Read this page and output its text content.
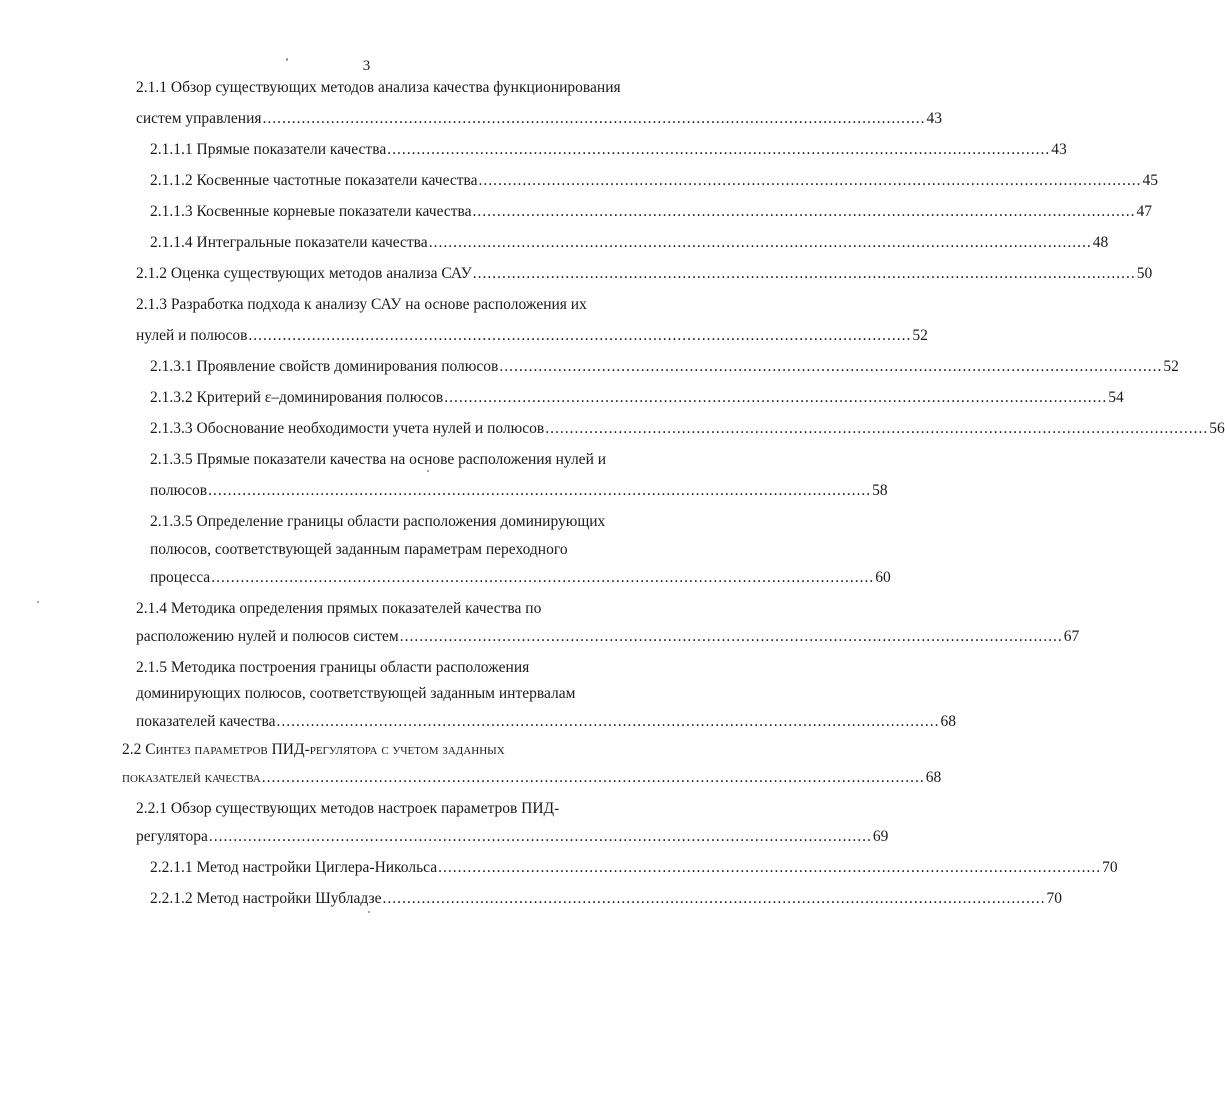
3
2.1.1 Обзор существующих методов анализа качества функционирования
систем управления ........................................................................................................................................ 43
2.1.1.1 Прямые показатели качества ........................................................................................................................................ 43
2.1.1.2 Косвенные частотные показатели качества ........................................................................................................................................ 45
2.1.1.3 Косвенные корневые показатели качества ........................................................................................................................................ 47
2.1.1.4 Интегральные показатели качества ........................................................................................................................................ 48
2.1.2 Оценка существующих методов анализа САУ ........................................................................................................................................ 50
2.1.3 Разработка подхода к анализу САУ на основе расположения их
нулей и полюсов ........................................................................................................................................ 52
2.1.3.1 Проявление свойств доминирования полюсов ........................................................................................................................................ 52
2.1.3.2 Критерий ε–доминирования полюсов ........................................................................................................................................ 54
2.1.3.3 Обоснование необходимости учета нулей и полюсов ........................................................................................................................................ 56
2.1.3.5 Прямые показатели качества на основе расположения нулей и
полюсов ........................................................................................................................................ 58
2.1.3.5 Определение границы области расположения доминирующих
полюсов, соответствующей заданным параметрам переходного
процесса ........................................................................................................................................ 60
2.1.4 Методика определения прямых показателей качества по
расположению нулей и полюсов систем ........................................................................................................................................ 67
2.1.5 Методика построения границы области расположения
доминирующих полюсов, соответствующей заданным интервалам
показателей качества ........................................................................................................................................ 68
2.2 Синтез параметров ПИД-регулятора с учетом заданных
показателей качества ........................................................................................................................................ 68
2.2.1 Обзор существующих методов настроек параметров ПИД-
регулятора ........................................................................................................................................ 69
2.2.1.1 Метод настройки Циглера-Никольса ........................................................................................................................................ 70
2.2.1.2 Метод настройки Шубладзе ........................................................................................................................................ 70
